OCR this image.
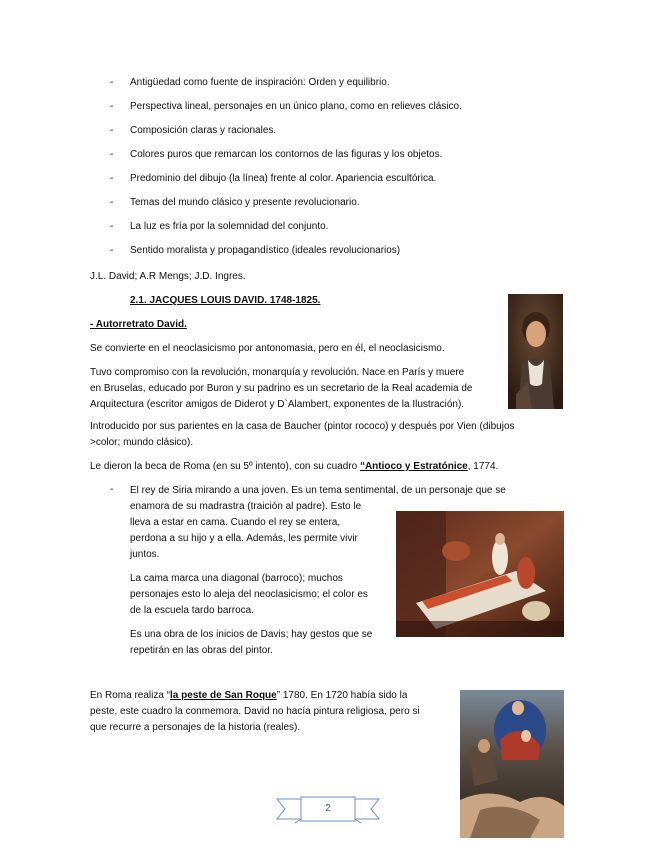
- Antigüedad como fuente de inspiración: Orden y equilibrio.
- Perspectiva lineal, personajes en un único plano, como en relieves clásico.
- Composición claras y racionales.
- Colores puros que remarcan los contornos de las figuras y los objetos.
- Predominio del dibujo (la línea) frente al color. Apariencia escultórica.
- Temas del mundo clásico y presente revolucionario.
- La luz es fría por la solemnidad del conjunto.
- Sentido moralista y propagandístico (ideales revolucionarios)
J.L. David; A.R Mengs; J.D. Ingres.
2.1. JACQUES LOUIS DAVID. 1748-1825.
- Autorretrato David.
Se convierte en el neoclasicismo por antonomasia, pero en él, el neoclasicismo.
Tuvo compromiso con la revolución, monarquía y revolución. Nace en París y muere
en Bruselas, educado por Buron y su padrino es un secretario de la Real academia de
Arquitectura (escritor amigos de Diderot y D`Alambert, exponentes de la Ilustración).
Introducido por sus parientes en la casa de Baucher (pintor rococo) y después por Vien (dibujos
>color; mundo clásico).
Le dieron la beca de Roma (en su 5º intento), con su cuadro “Antioco y Estratónice, 1774.
- El rey de Siria mirando a una joven. Es un tema sentimental, de un personaje que se
enamora de su madrastra (traición al padre). Esto le
lleva a estar en cama. Cuando el rey se entera,
perdona a su hijo y a ella. Además, les permite vivir
juntos.
La cama marca una diagonal (barroco); muchos
personajes esto lo aleja del neoclasicismo; el color es
de la escuela tardo barroca.
Es una obra de los inicios de Davis; hay gestos que se
repetirán en las obras del pintor.
En Roma realiza “la peste de San Roque” 1780. En 1720 había sido la
peste, este cuadro la conmemora. David no hacía pintura religiosa, pero si
que recurre a personajes de la historia (reales).
2
